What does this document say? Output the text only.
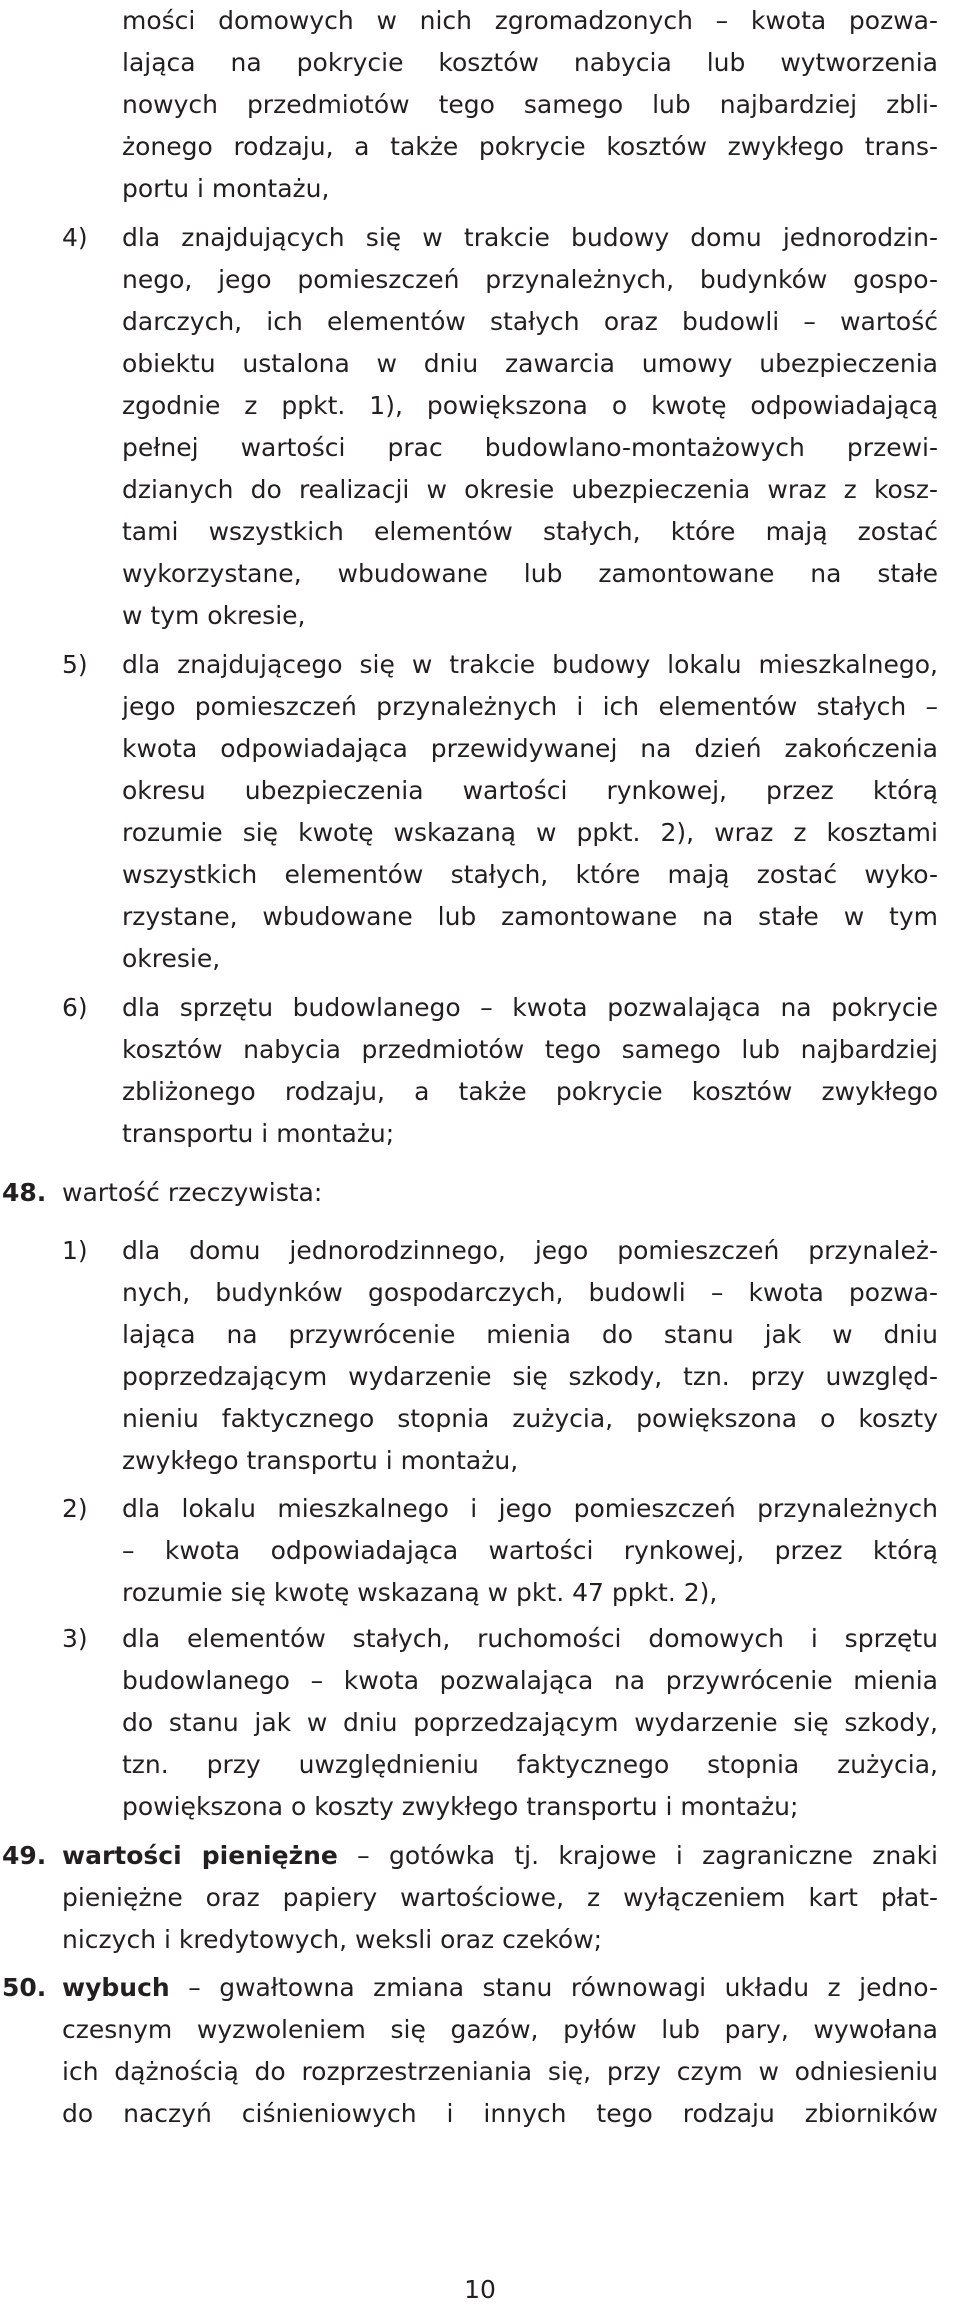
mości domowych w nich zgromadzonych – kwota pozwa-
lająca na pokrycie kosztów nabycia lub wytworzenia
nowych przedmiotów tego samego lub najbardziej zbli-
żonego rodzaju, a także pokrycie kosztów zwykłego trans-
portu i montażu,
4) dla znajdujących się w trakcie budowy domu jednorodzin-
nego, jego pomieszczeń przynależnych, budynków gospo-
darczych, ich elementów stałych oraz budowli – wartość
obiektu ustalona w dniu zawarcia umowy ubezpieczenia
zgodnie z ppkt. 1), powiększona o kwotę odpowiadającą
pełnej wartości prac budowlano-montażowych przewi-
dzianych do realizacji w okresie ubezpieczenia wraz z kosz-
tami wszystkich elementów stałych, które mają zostać
wykorzystane, wbudowane lub zamontowane na stałe
w tym okresie,
5) dla znajdującego się w trakcie budowy lokalu mieszkalnego,
jego pomieszczeń przynależnych i ich elementów stałych –
kwota odpowiadająca przewidywanej na dzień zakończenia
okresu ubezpieczenia wartości rynkowej, przez którą
rozumie się kwotę wskazaną w ppkt. 2), wraz z kosztami
wszystkich elementów stałych, które mają zostać wyko-
rzystane, wbudowane lub zamontowane na stałe w tym
okresie,
6) dla sprzętu budowlanego – kwota pozwalająca na pokrycie
kosztów nabycia przedmiotów tego samego lub najbardziej
zbliżonego rodzaju, a także pokrycie kosztów zwykłego
transportu i montażu;
48. wartość rzeczywista:
1) dla domu jednorodzinnego, jego pomieszczeń przynależ-
nych, budynków gospodarczych, budowli – kwota pozwa-
lająca na przywrócenie mienia do stanu jak w dniu
poprzedzającym wydarzenie się szkody, tzn. przy uwzględ-
nieniu faktycznego stopnia zużycia, powiększona o koszty
zwykłego transportu i montażu,
2) dla lokalu mieszkalnego i jego pomieszczeń przynależnych
– kwota odpowiadająca wartości rynkowej, przez którą
rozumie się kwotę wskazaną w pkt. 47 ppkt. 2),
3) dla elementów stałych, ruchomości domowych i sprzętu
budowlanego – kwota pozwalająca na przywrócenie mienia
do stanu jak w dniu poprzedzającym wydarzenie się szkody,
tzn. przy uwzględnieniu faktycznego stopnia zużycia,
powiększona o koszty zwykłego transportu i montażu;
49. wartości pieniężne – gotówka tj. krajowe i zagraniczne znaki
pieniężne oraz papiery wartościowe, z wyłączeniem kart płat-
niczych i kredytowych, weksli oraz czeków;
50. wybuch – gwałtowna zmiana stanu równowagi układu z jedno-
czesnym wyzwoleniem się gazów, pyłów lub pary, wywołana
ich dążnością do rozprzestrzeniania się, przy czym w odniesieniu
do naczyń ciśnieniowych i innych tego rodzaju zbiorników
10
